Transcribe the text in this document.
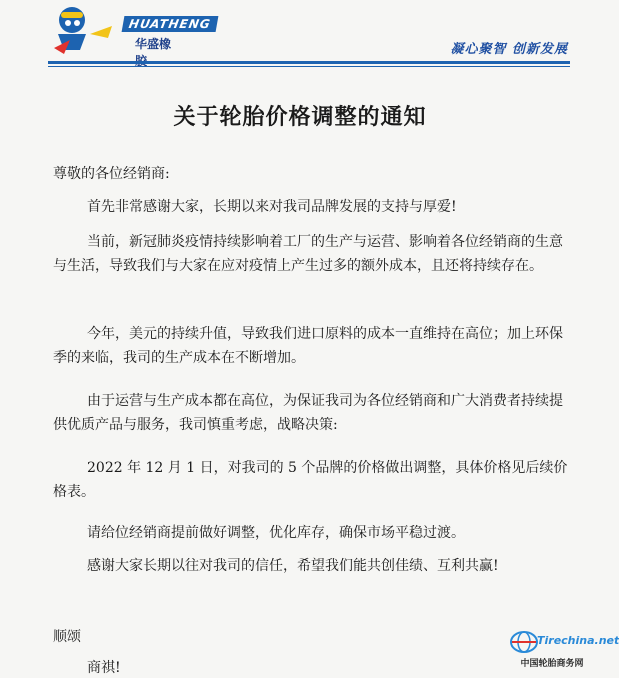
HUATHENG
华盛橡	凝心聚智 创新发展
关于轮胎价格调整的通知

尊敬的各位经销商:

首先非常感谢大家，长期以来对我司品牌发展的支持与厚爱!

当前，新冠肺炎疫情持续影响着工厂的生产与运营、影响着各位经销商的生意与生活，导致我们与大家在应对疫情上产生过多的额外成本，且还将持续存在。

今年，美元的持续升值，导致我们进口原料的成本一直维持在高位；加上环保季的来临，我司的生产成本在不断增加。

由于运营与生产成本都在高位，为保证我司为各位经销商和广大消费者持续提供优质产品与服务，我司慎重考虑，战略决策:

2022 年 12 月 1 日，对我司的 5 个品牌的价格做出调整，具体价格见后续价格表。

请给位经销商提前做好调整，优化库存，确保市场平稳过渡。

感谢大家长期以往对我司的信任，希望我们能共创佳绩、互利共赢!

顺颂

商祺!

Tirechina.net
中国轮胎商务网
